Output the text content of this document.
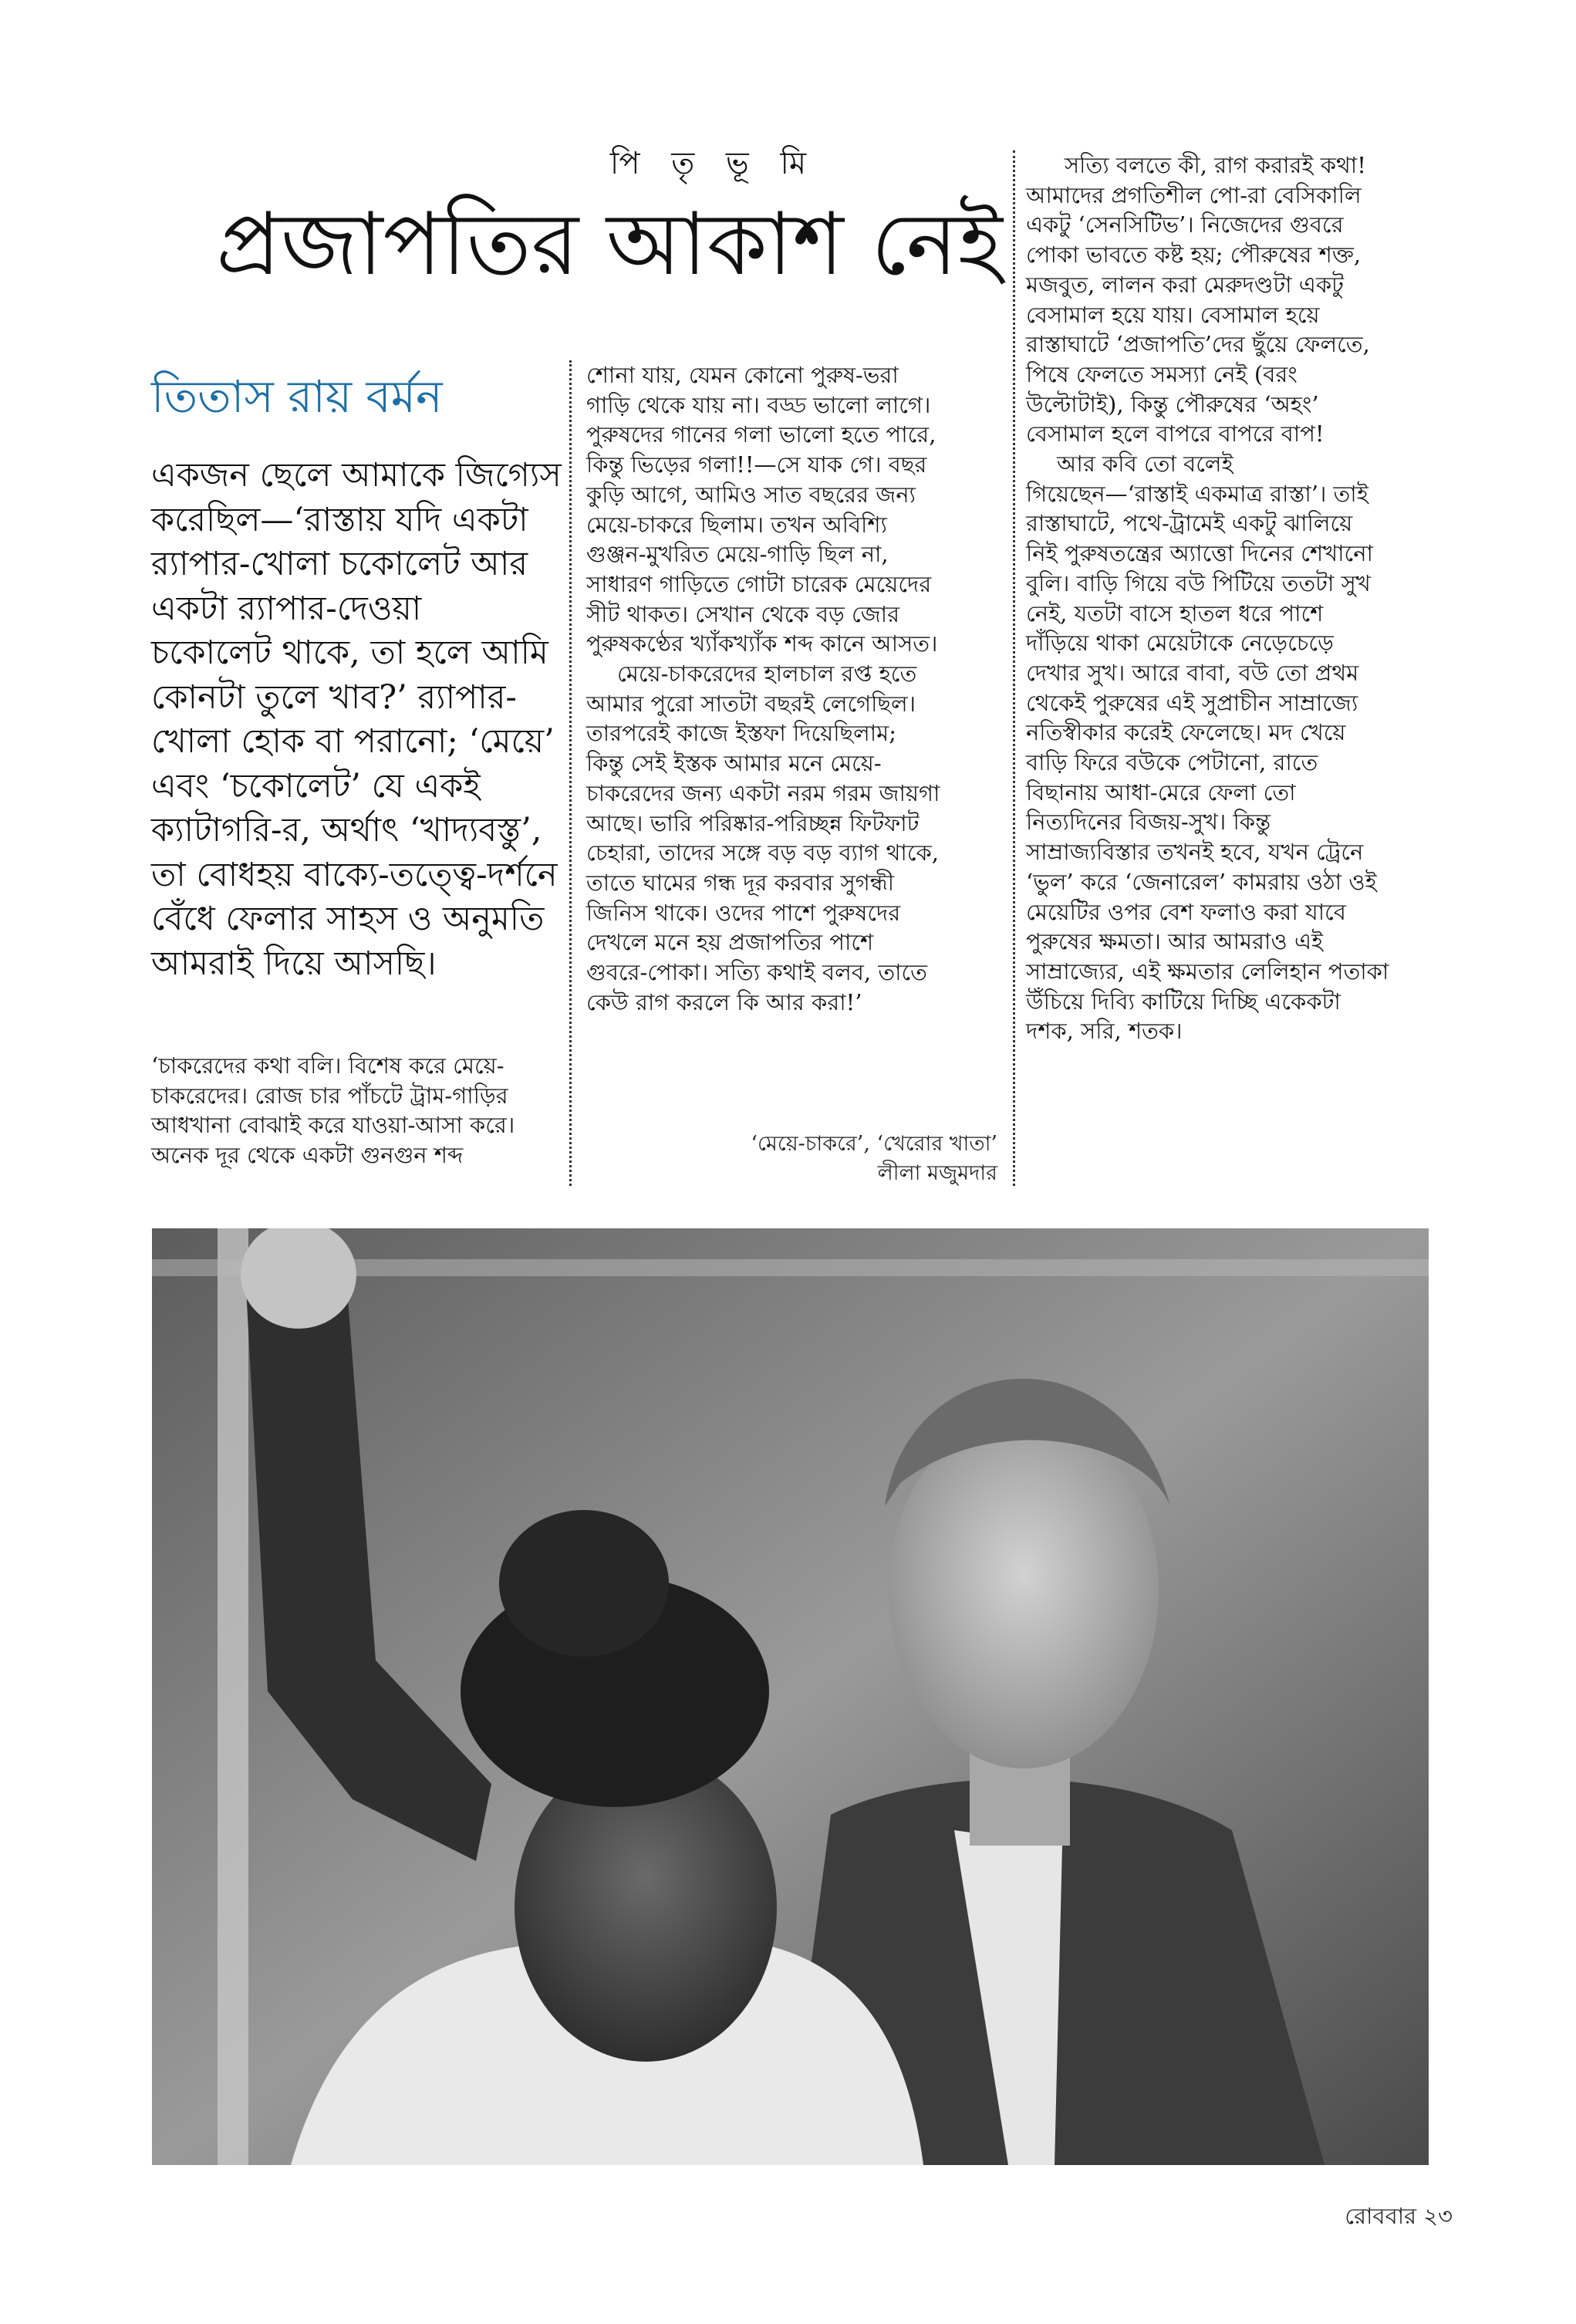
পি তৃ ভূ মি
প্রজাপতির আকাশ নেই
তিতাস রায় বর্মন

একজন ছেলে আমাকে জিগ্যেস

করেছিল—‘রাস্তায় যদি একটা

র‍্যাপার-খোলা চকোলেট আর

একটা র‍্যাপার-দেওয়া

চকোলেট থাকে, তা হলে আমি

কোনটা তুলে খাব?’ র‍্যাপার-

খোলা হোক বা পরানো; ‘মেয়ে’

এবং ‘চকোলেট’ যে একই

ক্যাটাগরি-র, অর্থাৎ ‘খাদ্যবস্তু’,

তা বোধহয় বাক্যে-তত্ত্বে-দর্শনে

বেঁধে ফেলার সাহস ও অনুমতি

আমরাই দিয়ে আসছি।

‘চাকরেদের কথা বলি। বিশেষ করে মেয়ে-

চাকরেদের। রোজ চার পাঁচটে ট্রাম-গাড়ির

আধখানা বোঝাই করে যাওয়া-আসা করে।

অনেক দূর থেকে একটা গুনগুন শব্দ

শোনা যায়, যেমন কোনো পুরুষ-ভরা

গাড়ি থেকে যায় না। বড্ড ভালো লাগে।

পুরুষদের গানের গলা ভালো হতে পারে,

কিন্তু ভিড়ের গলা!!—সে যাক গে। বছর

কুড়ি আগে, আমিও সাত বছরের জন্য

মেয়ে-চাকরে ছিলাম। তখন অবিশ্যি

গুঞ্জন-মুখরিত মেয়ে-গাড়ি ছিল না,

সাধারণ গাড়িতে গোটা চারেক মেয়েদের

সীট থাকত। সেখান থেকে বড় জোর

পুরুষকণ্ঠের খ্যাঁকখ্যাঁক শব্দ কানে আসত।

মেয়ে-চাকরেদের হালচাল রপ্ত হতে

আমার পুরো সাতটা বছরই লেগেছিল।

তারপরেই কাজে ইস্তফা দিয়েছিলাম;

কিন্তু সেই ইস্তক আমার মনে মেয়ে-

চাকরেদের জন্য একটা নরম গরম জায়গা

আছে। ভারি পরিষ্কার-পরিচ্ছন্ন ফিটফাট

চেহারা, তাদের সঙ্গে বড় বড় ব্যাগ থাকে,

তাতে ঘামের গন্ধ দূর করবার সুগন্ধী

জিনিস থাকে। ওদের পাশে পুরুষদের

দেখলে মনে হয় প্রজাপতির পাশে

গুবরে-পোকা। সত্যি কথাই বলব, তাতে

কেউ রাগ করলে কি আর করা!’

‘মেয়ে-চাকরে’, ‘খেরোর খাতা’
লীলা মজুমদার

সত্যি বলতে কী, রাগ করারই কথা!

আমাদের প্রগতিশীল পো-রা বেসিকালি

একটু ‘সেনসিটিভ’। নিজেদের গুবরে

পোকা ভাবতে কষ্ট হয়; পৌরুষের শক্ত,

মজবুত, লালন করা মেরুদণ্ডটা একটু

বেসামাল হয়ে যায়। বেসামাল হয়ে

রাস্তাঘাটে ‘প্রজাপতি’দের ছুঁয়ে ফেলতে,

পিষে ফেলতে সমস্যা নেই (বরং

উল্টোটাই), কিন্তু পৌরুষের ‘অহং’

বেসামাল হলে বাপরে বাপরে বাপ!

আর কবি তো বলেই

গিয়েছেন—‘রাস্তাই একমাত্র রাস্তা’। তাই

রাস্তাঘাটে, পথে-ট্রামেই একটু ঝালিয়ে

নিই পুরুষতন্ত্রের অ্যাত্তো দিনের শেখানো

বুলি। বাড়ি গিয়ে বউ পিটিয়ে ততটা সুখ

নেই, যতটা বাসে হাতল ধরে পাশে

দাঁড়িয়ে থাকা মেয়েটাকে নেড়েচেড়ে

দেখার সুখ। আরে বাবা, বউ তো প্রথম

থেকেই পুরুষের এই সুপ্রাচীন সাম্রাজ্যে

নতিস্বীকার করেই ফেলেছে। মদ খেয়ে

বাড়ি ফিরে বউকে পেটানো, রাতে

বিছানায় আধা-মেরে ফেলা তো

নিত্যদিনের বিজয়-সুখ। কিন্তু

সাম্রাজ্যবিস্তার তখনই হবে, যখন ট্রেনে

‘ভুল’ করে ‘জেনারেল’ কামরায় ওঠা ওই

মেয়েটির ওপর বেশ ফলাও করা যাবে

পুরুষের ক্ষমতা। আর আমরাও এই

সাম্রাজ্যের, এই ক্ষমতার লেলিহান পতাকা

উঁচিয়ে দিব্যি কাটিয়ে দিচ্ছি একেকটা

দশক, সরি, শতক।

রোববার ২৩
